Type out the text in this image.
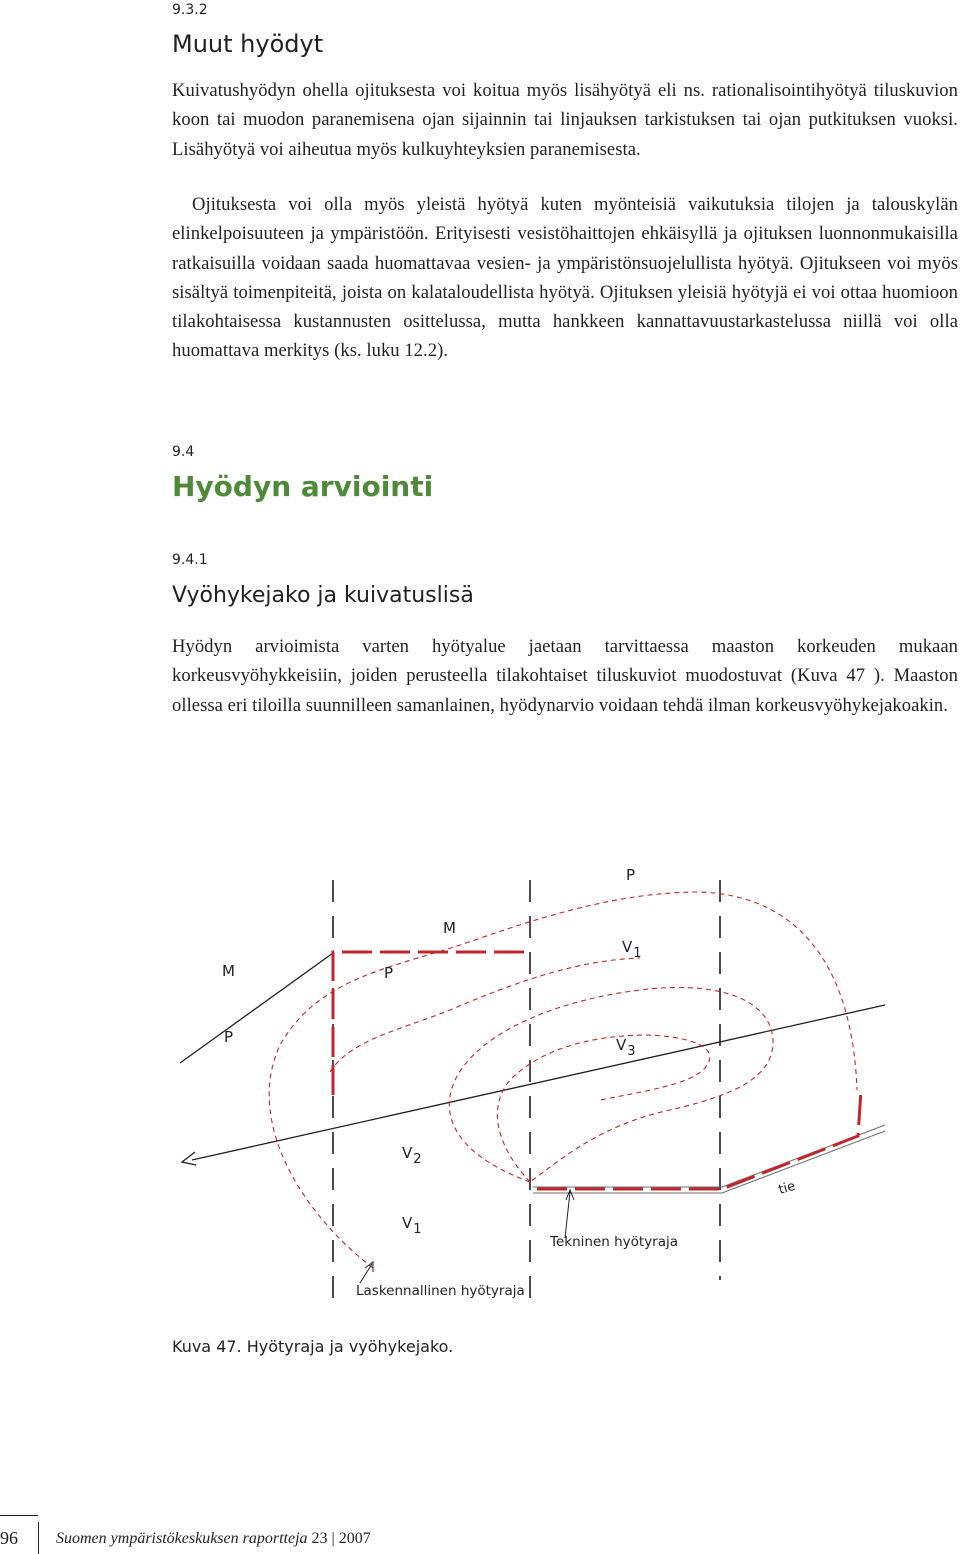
9.3.2
Muut hyödyt

Kuivatushyödyn ohella ojituksesta voi koitua myös lisähyötyä eli ns. rationalisointihyötyä tiluskuvion koon tai muodon paranemisena ojan sijainnin tai linjauksen tarkistuksen tai ojan putkituksen vuoksi. Lisähyötyä voi aiheutua myös kulkuyhteyksien paranemisesta.

Ojituksesta voi olla myös yleistä hyötyä kuten myönteisiä vaikutuksia tilojen ja talouskylän elinkelpoisuuteen ja ympäristöön. Erityisesti vesistöhaittojen ehkäisyllä ja ojituksen luonnonmukaisilla ratkaisuilla voidaan saada huomattavaa vesien- ja ympäristönsuojelullista hyötyä. Ojitukseen voi myös sisältyä toimenpiteitä, joista on kalataloudellista hyötyä. Ojituksen yleisiä hyötyjä ei voi ottaa huomioon tilakohtaisessa kustannusten osittelussa, mutta hankkeen kannattavuustarkastelussa niillä voi olla huomattava merkitys (ks. luku 12.2).

9.4
Hyödyn arviointi
9.4.1
Vyöhykejako ja kuivatuslisä

Hyödyn arvioimista varten hyötyalue jaetaan tarvittaessa maaston korkeuden mukaan korkeusvyöhykkeisiin, joiden perusteella tilakohtaiset tiluskuviot muodostuvat (Kuva 47 ). Maaston ollessa eri tiloilla suunnilleen samanlainen, hyödynarvio voidaan tehdä ilman korkeusvyöhykejakoakin.

P
M
V1
M	P
P	V3
V2
tie
V1
Tekninen hyötyraja
Laskennallinen hyötyraja
Kuva 47. Hyötyraja ja vyöhykejako.
96 Suomen ympäristökeskuksen raportteja 23 | 2007
